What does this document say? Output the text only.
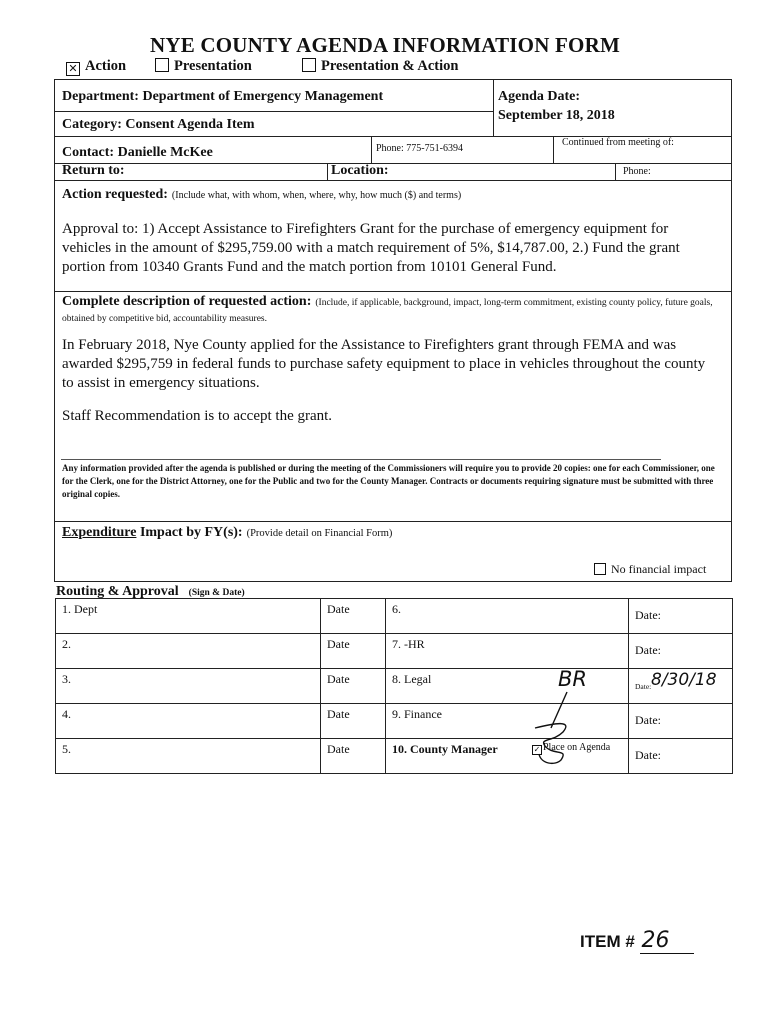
NYE COUNTY AGENDA INFORMATION FORM
✕ Action	Presentation	Presentation & Action
Department: Department of Emergency Management	Agenda Date:
September 18, 2018
Category: Consent Agenda Item
Contact: Danielle McKee	Phone: 775-751-6394
Continued from meeting of:
Return to:	Location:	Phone:
Action requested: (Include what, with whom, when, where, why, how much ($) and terms)
Approval to: 1) Accept Assistance to Firefighters Grant for the purchase of emergency equipment for vehicles in the amount of $295,759.00 with a match requirement of 5%, $14,787.00, 2.) Fund the grant portion from 10340 Grants Fund and the match portion from 10101 General Fund.
Complete description of requested action: (Include, if applicable, background, impact, long-term commitment, existing county policy, future goals, obtained by competitive bid, accountability measures.
In February 2018, Nye County applied for the Assistance to Firefighters grant through FEMA and was awarded $295,759 in federal funds to purchase safety equipment to place in vehicles throughout the county to assist in emergency situations.
Staff Recommendation is to accept the grant.
Any information provided after the agenda is published or during the meeting of the Commissioners will require you to provide 20 copies: one for each Commissioner, one for the Clerk, one for the District Attorney, one for the Public and two for the County Manager. Contracts or documents requiring signature must be submitted with three original copies.
Expenditure Impact by FY(s): (Provide detail on Financial Form)
No financial impact
Routing & Approval (Sign & Date)
1. Dept	Date	6.	Date:
2.	Date	7. -HR	Date:
3.	Date	8. Legal BR	Date: 8/30/18

4.	Date	9. Finance	Date:
5.	Date	10. County Manager ✓ Place on Agenda	Date:
ITEM # 26
